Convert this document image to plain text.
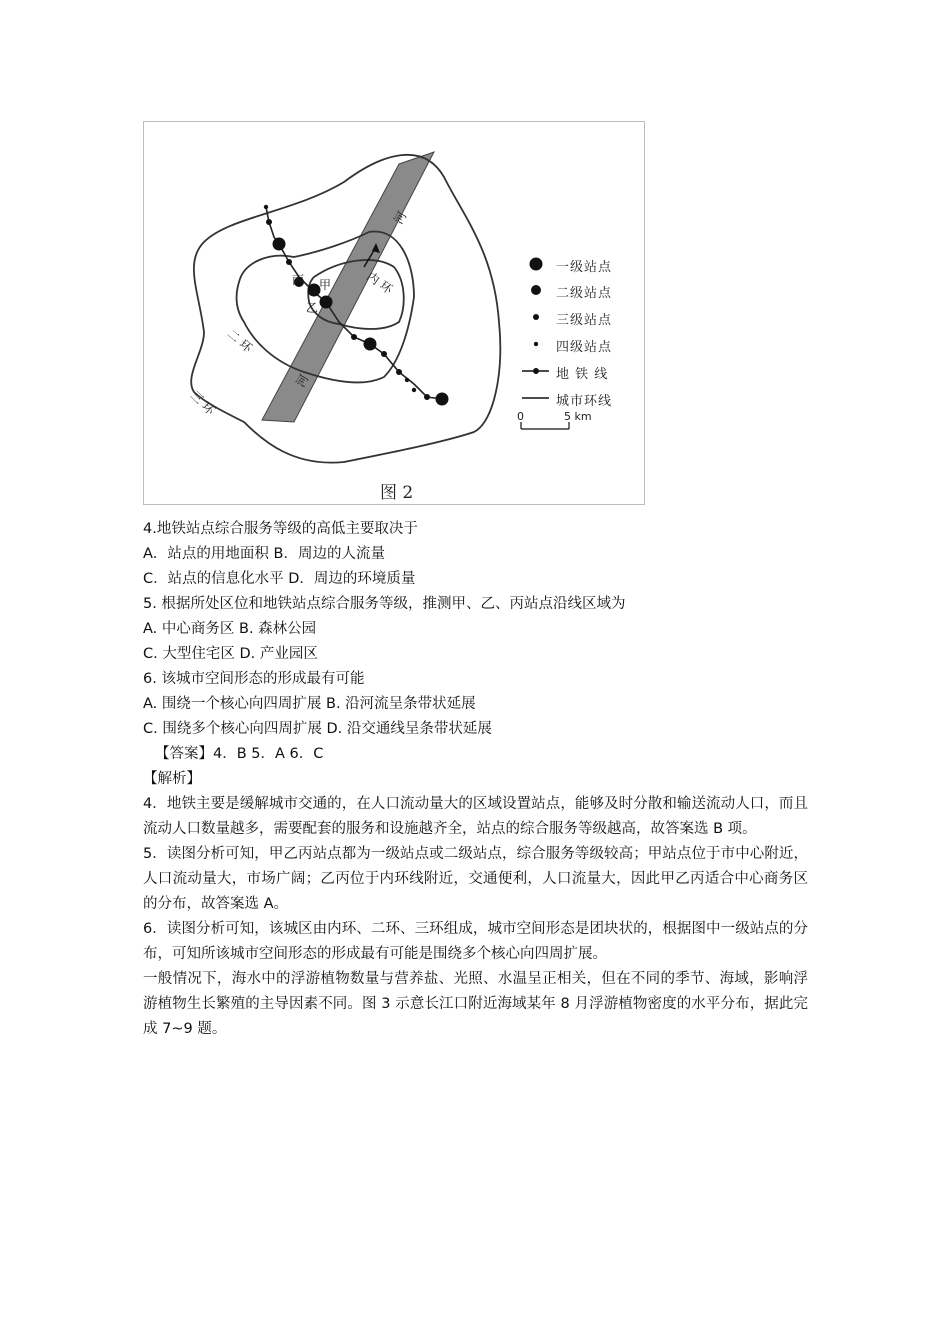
丙 甲
乙
内 环
二 环
三 环
河
河
一级站点
二级站点
三级站点
四级站点
地 铁 线
城市环线
0	5 km
图 2
4.地铁站点综合服务等级的高低主要取决于
A．站点的用地面积 B．周边的人流量
C．站点的信息化水平 D．周边的环境质量
5. 根据所处区位和地铁站点综合服务等级，推测甲、乙、丙站点沿线区域为
A. 中心商务区 B. 森林公园
C. 大型住宅区 D. 产业园区
6. 该城市空间形态的形成最有可能
A. 围绕一个核心向四周扩展 B. 沿河流呈条带状延展
C. 围绕多个核心向四周扩展 D. 沿交通线呈条带状延展
【答案】4．B 5．A 6．C
【解析】
4．地铁主要是缓解城市交通的，在人口流动量大的区域设置站点，能够及时分散和输送流动人口，而且流动人口数量越多，需要配套的服务和设施越齐全，站点的综合服务等级越高，故答案选 B 项。
5．读图分析可知，甲乙丙站点都为一级站点或二级站点，综合服务等级较高；甲站点位于市中心附近，人口流动量大，市场广阔；乙丙位于内环线附近，交通便利，人口流量大，因此甲乙丙适合中心商务区的分布，故答案选 A。
6．读图分析可知，该城区由内环、二环、三环组成，城市空间形态是团块状的，根据图中一级站点的分布，可知所该城市空间形态的形成最有可能是围绕多个核心向四周扩展。
一般情况下，海水中的浮游植物数量与营养盐、光照、水温呈正相关，但在不同的季节、海域，影响浮游植物生长繁殖的主导因素不同。图 3 示意长江口附近海域某年 8 月浮游植物密度的水平分布，据此完成 7~9 题。
